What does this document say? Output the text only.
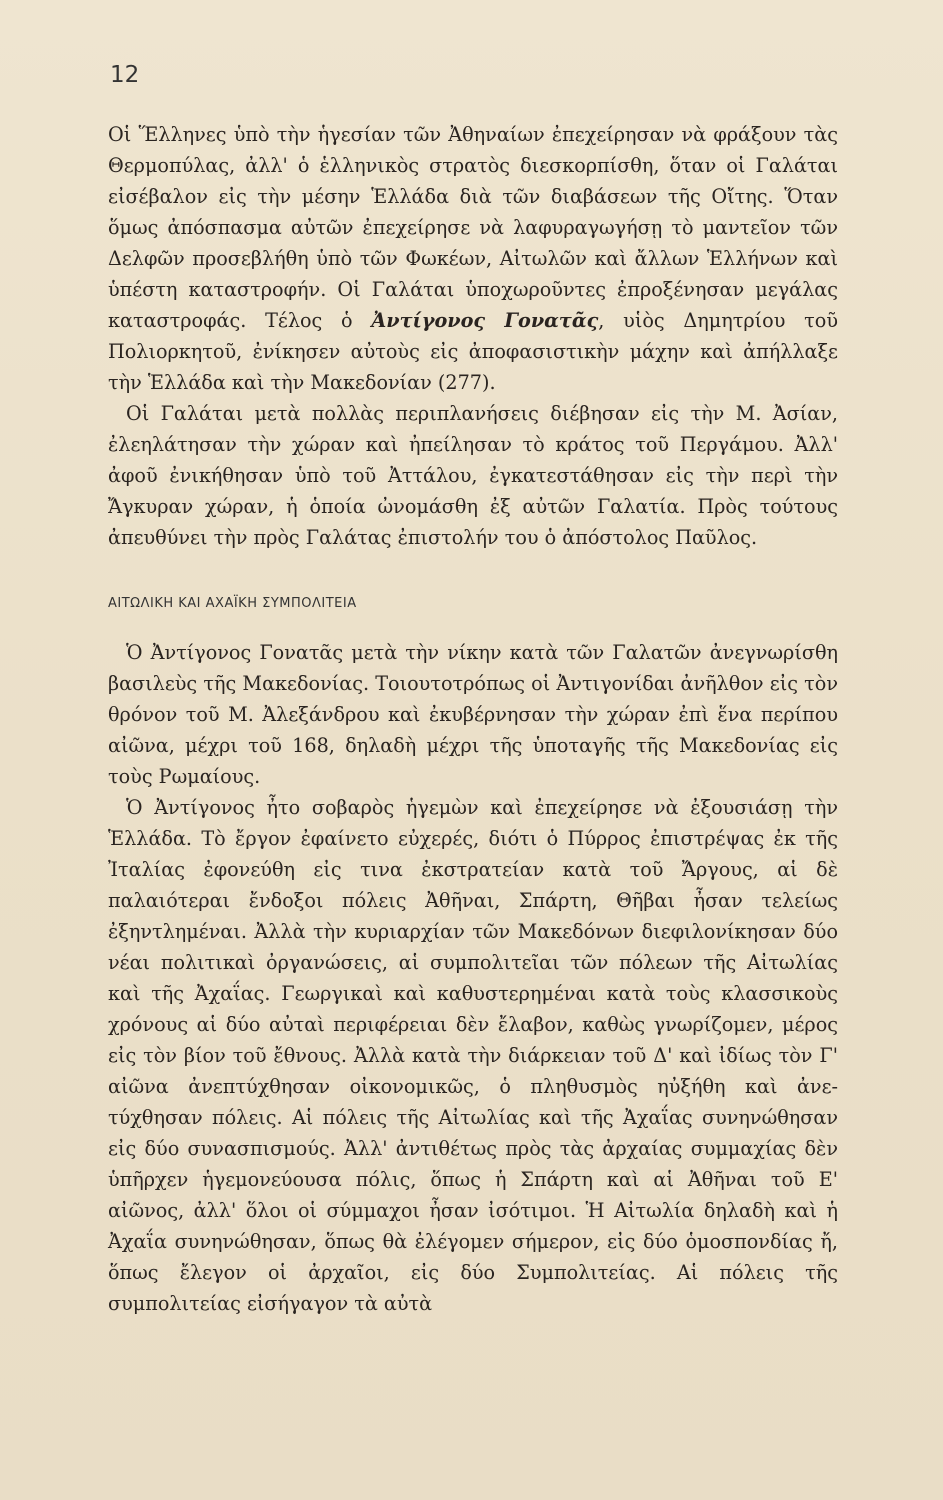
12

Οἱ Ἕλληνες ὑπὸ τὴν ἡγεσίαν τῶν Ἀθηναίων ἐπεχείρησαν νὰ φράξουν τὰς Θερμοπύλας, ἀλλ' ὁ ἑλληνικὸς στρατὸς διεσκορπίσθη, ὅταν οἱ Γαλάται εἰσέβαλον εἰς τὴν μέσην Ἑλλάδα διὰ τῶν διαβάσεων τῆς Οἴτης. Ὅταν ὅμως ἀπόσπασμα αὐτῶν ἐπεχείρησε νὰ λαφυραγωγήσῃ τὸ μαντεῖον τῶν Δελφῶν προσεβλήθη ὑπὸ τῶν Φωκέων, Αἰτωλῶν καὶ ἄλλων Ἑλλήνων καὶ ὑπέστη καταστροφήν. Οἱ Γαλάται ὑποχωροῦντες ἐπροξένησαν μεγάλας καταστροφάς. Τέλος ὁ Ἀντίγονος Γονατᾶς, υἱὸς Δημητρίου τοῦ Πολιορκητοῦ, ἐνίκησεν αὐτοὺς εἰς ἀποφασιστικὴν μάχην καὶ ἀπήλλαξε τὴν Ἑλλάδα καὶ τὴν Μακεδονίαν (277).

Οἱ Γαλάται μετὰ πολλὰς περιπλανήσεις διέβησαν εἰς τὴν Μ. Ἀσίαν, ἐλεηλάτησαν τὴν χώραν καὶ ἠπείλησαν τὸ κράτος τοῦ Περγάμου. Ἀλλ' ἀφοῦ ἐνικήθησαν ὑπὸ τοῦ Ἀττάλου, ἐγκατεστάθησαν εἰς τὴν περὶ τὴν Ἄγκυραν χώραν, ἡ ὁποία ὠνομάσθη ἐξ αὐτῶν Γαλατία. Πρὸς τούτους ἀπευθύνει τὴν πρὸς Γαλάτας ἐπιστολήν του ὁ ἀπόστολος Παῦλος.

ΑΙΤΩΛΙΚΗ ΚΑΙ ΑΧΑΪΚΗ ΣΥΜΠΟΛΙΤΕΙΑ

Ὁ Ἀντίγονος Γονατᾶς μετὰ τὴν νίκην κατὰ τῶν Γαλατῶν ἀνεγνωρίσθη βασιλεὺς τῆς Μακεδονίας. Τοιουτοτρόπως οἱ Ἀντιγονίδαι ἀνῆλθον εἰς τὸν θρόνον τοῦ Μ. Ἀλεξάνδρου καὶ ἐκυβέρνησαν τὴν χώραν ἐπὶ ἕνα περίπου αἰῶνα, μέχρι τοῦ 168, δηλαδὴ μέχρι τῆς ὑποταγῆς τῆς Μακεδονίας εἰς τοὺς Ρωμαίους.

Ὁ Ἀντίγονος ἦτο σοβαρὸς ἡγεμὼν καὶ ἐπεχείρησε νὰ ἐξουσιάσῃ τὴν Ἑλλάδα. Τὸ ἔργον ἐφαίνετο εὐχερές, διότι ὁ Πύρρος ἐπιστρέψας ἐκ τῆς Ἰταλίας ἐφονεύθη εἰς τινα ἐκστρατείαν κατὰ τοῦ Ἄργους, αἱ δὲ παλαιότεραι ἔνδοξοι πόλεις Ἀθῆναι, Σπάρτη, Θῆβαι ἦσαν τελείως ἐξηντλημέναι. Ἀλλὰ τὴν κυριαρχίαν τῶν Μακεδόνων διεφιλονίκησαν δύο νέαι πολιτικαὶ ὀργανώσεις, αἱ συμπολιτεῖαι τῶν πόλεων τῆς Αἰτωλίας καὶ τῆς Ἀχαΐας. Γεωργικαὶ καὶ καθυστερημέναι κατὰ τοὺς κλασσικοὺς χρόνους αἱ δύο αὐταὶ περιφέρειαι δὲν ἔλαβον, καθὼς γνωρίζομεν, μέρος εἰς τὸν βίον τοῦ ἔθνους. Ἀλλὰ κατὰ τὴν διάρκειαν τοῦ Δ' καὶ ἰδίως τὸν Γ' αἰῶνα ἀνεπτύχθησαν οἰκονομικῶς, ὁ πληθυσμὸς ηὐξήθη καὶ ἀνε-τύχθησαν πόλεις. Αἱ πόλεις τῆς Αἰτωλίας καὶ τῆς Ἀχαΐας συνηνώθησαν εἰς δύο συνασπισμούς. Ἀλλ' ἀντιθέτως πρὸς τὰς ἀρχαίας συμμαχίας δὲν ὑπῆρχεν ἡγεμονεύουσα πόλις, ὅπως ἡ Σπάρτη καὶ αἱ Ἀθῆναι τοῦ Ε' αἰῶνος, ἀλλ' ὅλοι οἱ σύμμαχοι ἦσαν ἰσότιμοι. Ἡ Αἰτωλία δηλαδὴ καὶ ἡ Ἀχαΐα συνηνώθησαν, ὅπως θὰ ἐλέγομεν σήμερον, εἰς δύο ὁμοσπονδίας ἤ, ὅπως ἔλεγον οἱ ἀρχαῖοι, εἰς δύο Συμπολιτείας. Αἱ πόλεις τῆς συμπολιτείας εἰσήγαγον τὰ αὐτὰ
